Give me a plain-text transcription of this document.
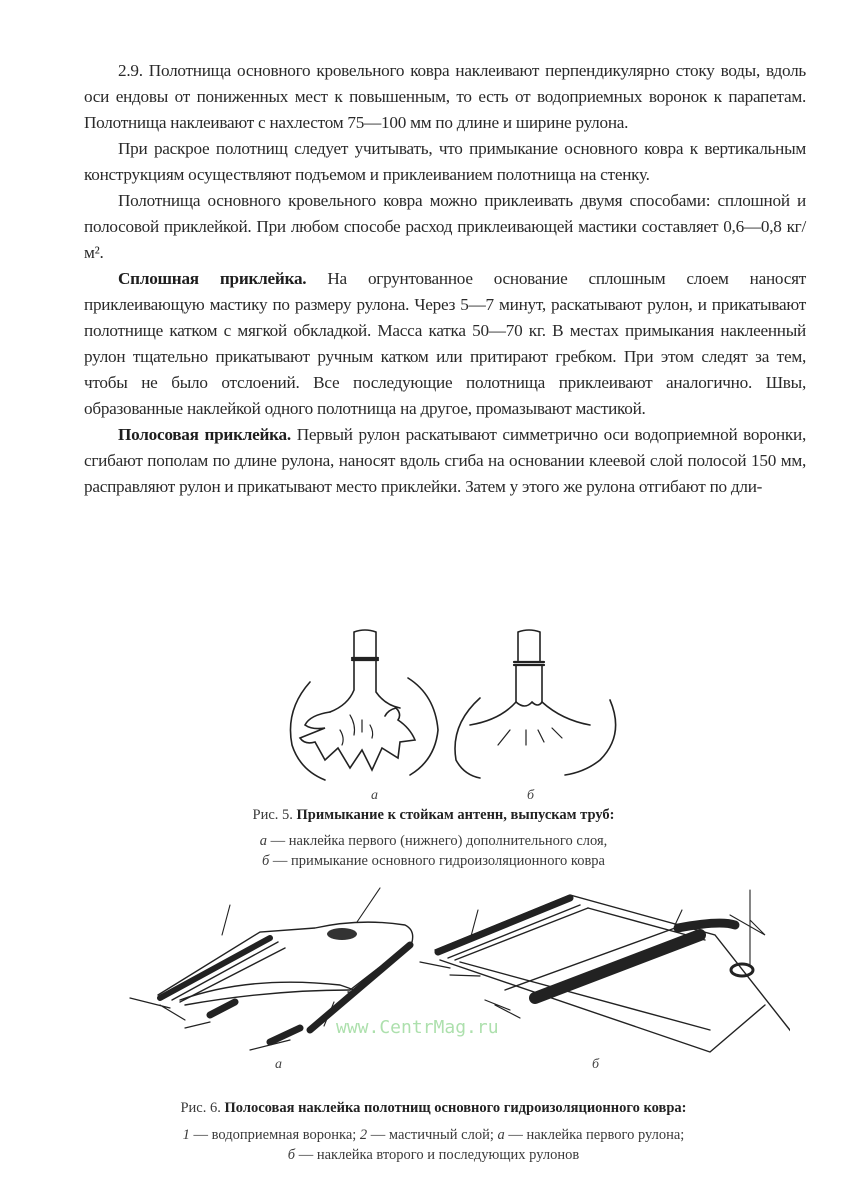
2.9. Полотнища основного кровельного ковра наклеивают перпендикулярно стоку воды, вдоль оси ендовы от пониженных мест к повышенным, то есть от водоприемных воронок к парапетам. Полотнища наклеивают с нахлестом 75—100 мм по длине и ширине рулона.

При раскрое полотнищ следует учитывать, что примыкание основного ковра к вертикальным конструкциям осуществляют подъемом и приклеиванием полотнища на стенку.

Полотнища основного кровельного ковра можно приклеивать двумя способами: сплошной и полосовой приклейкой. При любом способе расход приклеивающей мастики составляет 0,6—0,8 кг/м².

Сплошная приклейка. На огрунтованное основание сплошным слоем наносят приклеивающую мастику по размеру рулона. Через 5—7 минут, раскатывают рулон, и прикатывают полотнище катком с мягкой обкладкой. Масса катка 50—70 кг. В местах примыкания наклеенный рулон тщательно прикатывают ручным катком или притирают гребком. При этом следят за тем, чтобы не было отслоений. Все последующие полотнища приклеивают аналогично. Швы, образованные наклейкой одного полотнища на другое, промазывают мастикой.

Полосовая приклейка. Первый рулон раскатывают симметрично оси водоприемной воронки, сгибают пополам по длине рулона, наносят вдоль сгиба на основании клеевой слой полосой 150 мм, расправляют рулон и прикатывают место приклейки. Затем у этого же рулона отгибают по дли-

а	б
Рис. 5. Примыкание к стойкам антенн, выпускам труб:
а — наклейка первого (нижнего) дополнительного слоя,
б — примыкание основного гидроизоляционного ковра
а	б
www.CentrMag.ru
Рис. 6. Полосовая наклейка полотнищ основного гидроизоляционного ковра:
1 — водоприемная воронка; 2 — мастичный слой; а — наклейка первого рулона;
б — наклейка второго и последующих рулонов
